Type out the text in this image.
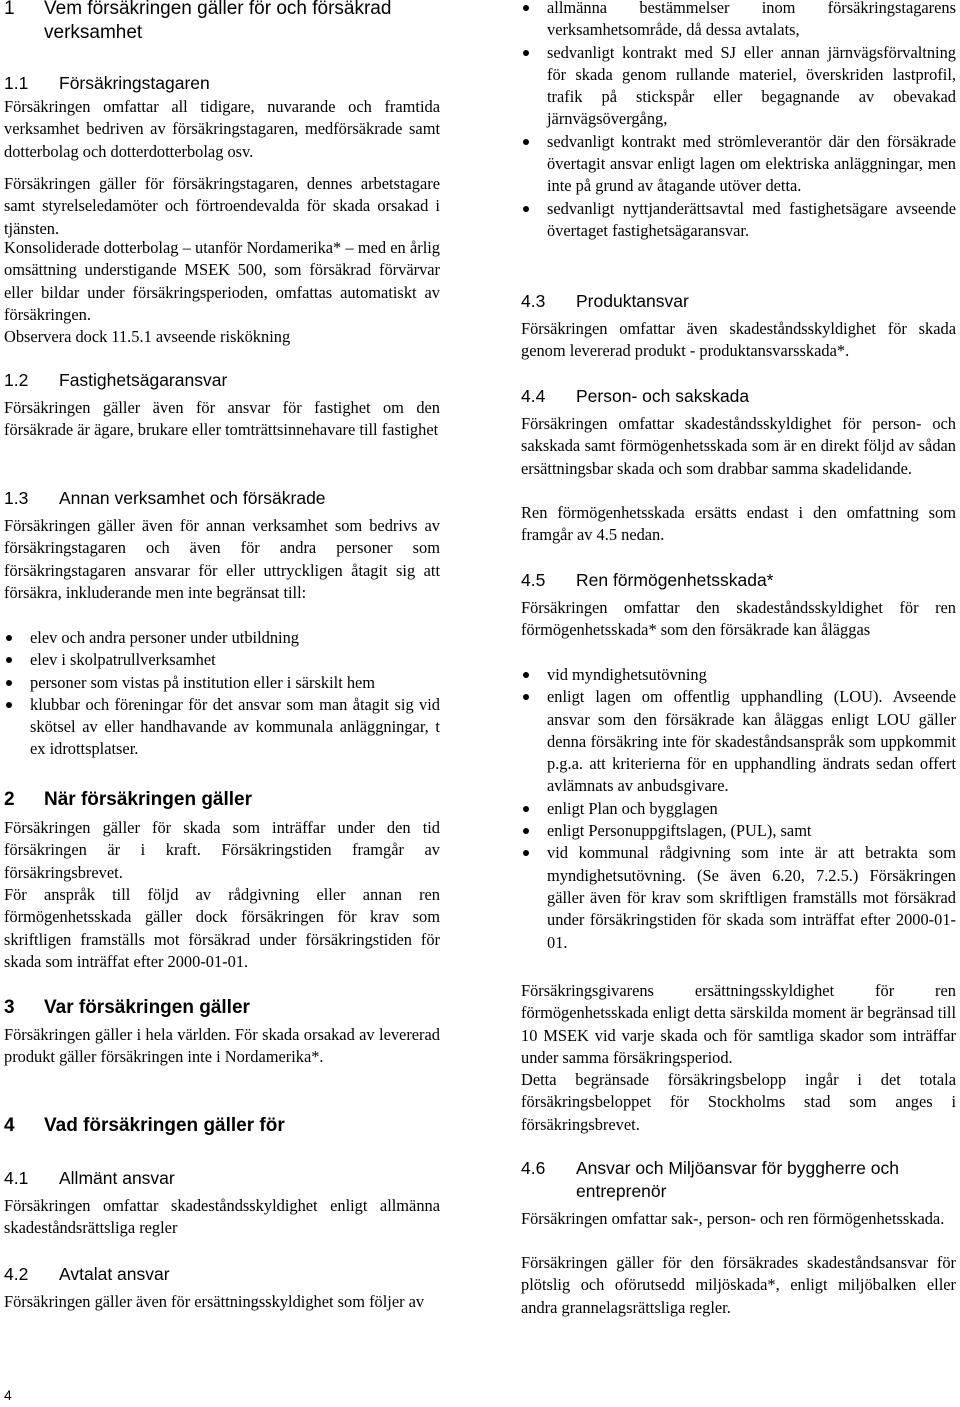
1	Vem försäkringen gäller för och försäkrad verksamhet
1.1	Försäkringstagaren

Försäkringen omfattar all tidigare, nuvarande och framtida verksamhet bedriven av försäkringstagaren, medförsäkrade samt dotterbolag och dotterdotterbolag osv.

Försäkringen gäller för försäkringstagaren, dennes arbetstagare samt styrelseledamöter och förtroendevalda för skada orsakad i tjänsten.

Konsoliderade dotterbolag – utanför Nordamerika* – med en årlig omsättning understigande MSEK 500, som försäkrad förvärvar eller bildar under försäkringsperioden, omfattas automatiskt av försäkringen.

Observera dock 11.5.1 avseende riskökning

1.2	Fastighetsägaransvar

Försäkringen gäller även för ansvar för fastighet om den försäkrade är ägare, brukare eller tomträttsinnehavare till fastighet

1.3	Annan verksamhet och försäkrade

Försäkringen gäller även för annan verksamhet som bedrivs av försäkringstagaren och även för andra personer som försäkringstagaren ansvarar för eller uttryckligen åtagit sig att försäkra, inkluderande men inte begränsat till:

elev och andra personer under utbildning
elev i skolpatrullverksamhet
personer som vistas på institution eller i särskilt hem
klubbar och föreningar för det ansvar som man åtagit sig vid skötsel av eller handhavande av kommunala anläggningar, t ex idrottsplatser.
2	När försäkringen gäller

Försäkringen gäller för skada som inträffar under den tid försäkringen är i kraft. Försäkringstiden framgår av försäkringsbrevet.

För anspråk till följd av rådgivning eller annan ren förmögenhetsskada gäller dock försäkringen för krav som skriftligen framställs mot försäkrad under försäkringstiden för skada som inträffat efter 2000-01-01.

3	Var försäkringen gäller

Försäkringen gäller i hela världen. För skada orsakad av levererad produkt gäller försäkringen inte i Nordamerika*.

4	Vad försäkringen gäller för
4.1	Allmänt ansvar

Försäkringen omfattar skadeståndsskyldighet enligt allmänna skadeståndsrättsliga regler

4.2	Avtalat ansvar

Försäkringen gäller även för ersättningsskyldighet som följer av

allmänna bestämmelser inom försäkringstagarens verksamhetsområde, då dessa avtalats,
sedvanligt kontrakt med SJ eller annan järnvägsförvaltning för skada genom rullande materiel, överskriden lastprofil, trafik på stickspår eller begagnande av obevakad järnvägsövergång,
sedvanligt kontrakt med strömleverantör där den försäkrade övertagit ansvar enligt lagen om elektriska anläggningar, men inte på grund av åtagande utöver detta.
sedvanligt nyttjanderättsavtal med fastighetsägare avseende övertaget fastighetsägaransvar.
4.3	Produktansvar

Försäkringen omfattar även skadeståndsskyldighet för skada genom levererad produkt - produktansvarsskada*.

4.4	Person- och sakskada

Försäkringen omfattar skadeståndsskyldighet för person- och sakskada samt förmögenhetsskada som är en direkt följd av sådan ersättningsbar skada och som drabbar samma skadelidande.

Ren förmögenhetsskada ersätts endast i den omfattning som framgår av 4.5 nedan.

4.5	Ren förmögenhetsskada*

Försäkringen omfattar den skadeståndsskyldighet för ren förmögenhetsskada* som den försäkrade kan åläggas

vid myndighetsutövning
enligt lagen om offentlig upphandling (LOU). Avseende ansvar som den försäkrade kan åläggas enligt LOU gäller denna försäkring inte för skadeståndsanspråk som uppkommit p.g.a. att kriterierna för en upphandling ändrats sedan offert avlämnats av anbudsgivare.
enligt Plan och bygglagen
enligt Personuppgiftslagen, (PUL), samt
vid kommunal rådgivning som inte är att betrakta som myndighetsutövning. (Se även 6.20, 7.2.5.) Försäkringen gäller även för krav som skriftligen framställs mot försäkrad under försäkringstiden för skada som inträffat efter 2000-01-01.

Försäkringsgivarens ersättningsskyldighet för ren förmögenhetsskada enligt detta särskilda moment är begränsad till 10 MSEK vid varje skada och för samtliga skador som inträffar under samma försäkringsperiod.

Detta begränsade försäkringsbelopp ingår i det totala försäkringsbeloppet för Stockholms stad som anges i försäkringsbrevet.

4.6	Ansvar och Miljöansvar för byggherre och entreprenör

Försäkringen omfattar sak-, person- och ren förmögenhetsskada.

Försäkringen gäller för den försäkrades skadeståndsansvar för plötslig och oförutsedd miljöskada*, enligt miljöbalken eller andra grannelagsrättsliga regler.

4
